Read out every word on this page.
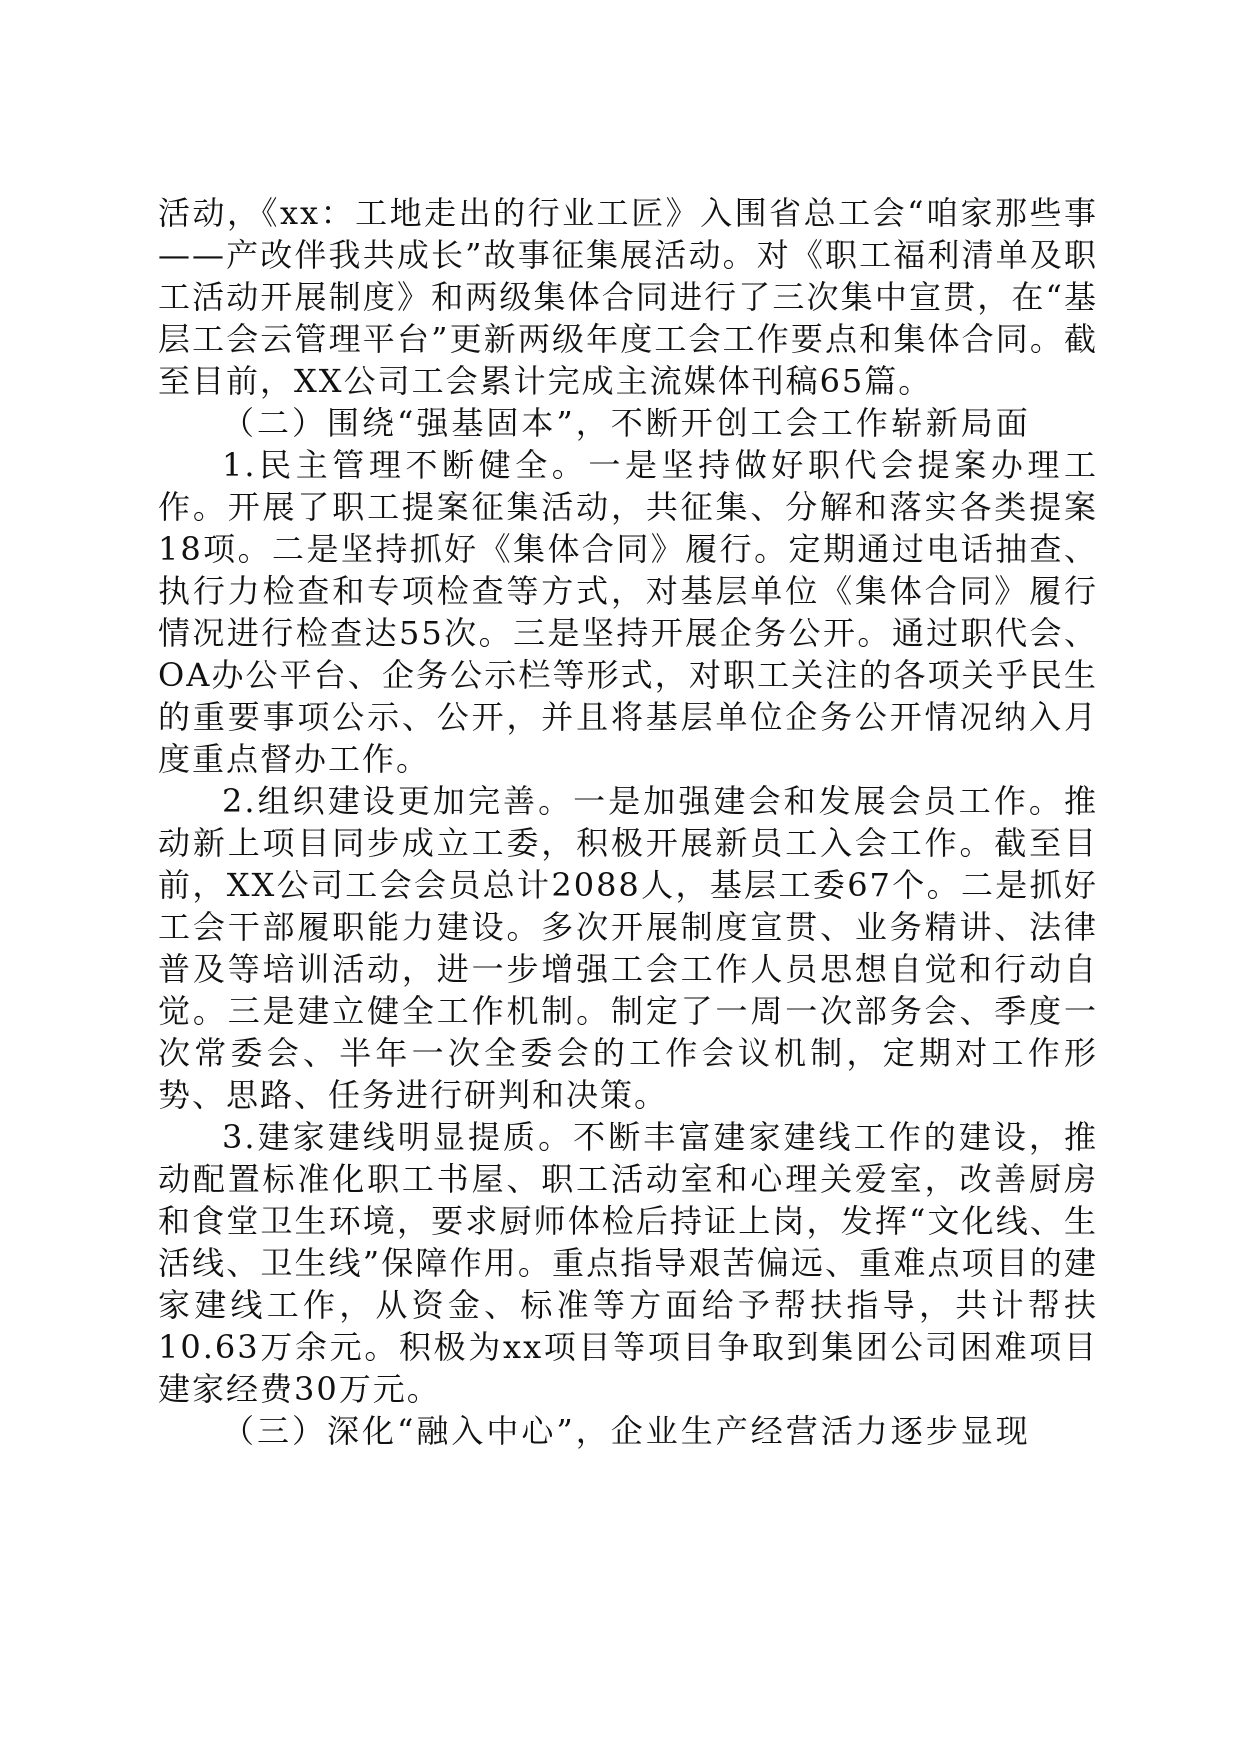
活动，《xx：工地走出的行业工匠》入围省总工会“咱家那些事——产改伴我共成长”故事征集展活动。对《职工福利清单及职工活动开展制度》和两级集体合同进行了三次集中宣贯，在“基层工会云管理平台”更新两级年度工会工作要点和集体合同。截至目前，XX公司工会累计完成主流媒体刊稿65篇。

（二）围绕“强基固本”，不断开创工会工作崭新局面

1.民主管理不断健全。一是坚持做好职代会提案办理工作。开展了职工提案征集活动，共征集、分解和落实各类提案18项。二是坚持抓好《集体合同》履行。定期通过电话抽查、执行力检查和专项检查等方式，对基层单位《集体合同》履行情况进行检查达55次。三是坚持开展企务公开。通过职代会、OA办公平台、企务公示栏等形式，对职工关注的各项关乎民生的重要事项公示、公开，并且将基层单位企务公开情况纳入月度重点督办工作。

2.组织建设更加完善。一是加强建会和发展会员工作。推动新上项目同步成立工委，积极开展新员工入会工作。截至目前，XX公司工会会员总计2088人，基层工委67个。二是抓好工会干部履职能力建设。多次开展制度宣贯、业务精讲、法律普及等培训活动，进一步增强工会工作人员思想自觉和行动自觉。三是建立健全工作机制。制定了一周一次部务会、季度一次常委会、半年一次全委会的工作会议机制，定期对工作形势、思路、任务进行研判和决策。

3.建家建线明显提质。不断丰富建家建线工作的建设，推动配置标准化职工书屋、职工活动室和心理关爱室，改善厨房和食堂卫生环境，要求厨师体检后持证上岗，发挥“文化线、生活线、卫生线”保障作用。重点指导艰苦偏远、重难点项目的建家建线工作，从资金、标准等方面给予帮扶指导，共计帮扶10.63万余元。积极为xx项目等项目争取到集团公司困难项目建家经费30万元。

（三）深化“融入中心”，企业生产经营活力逐步显现
